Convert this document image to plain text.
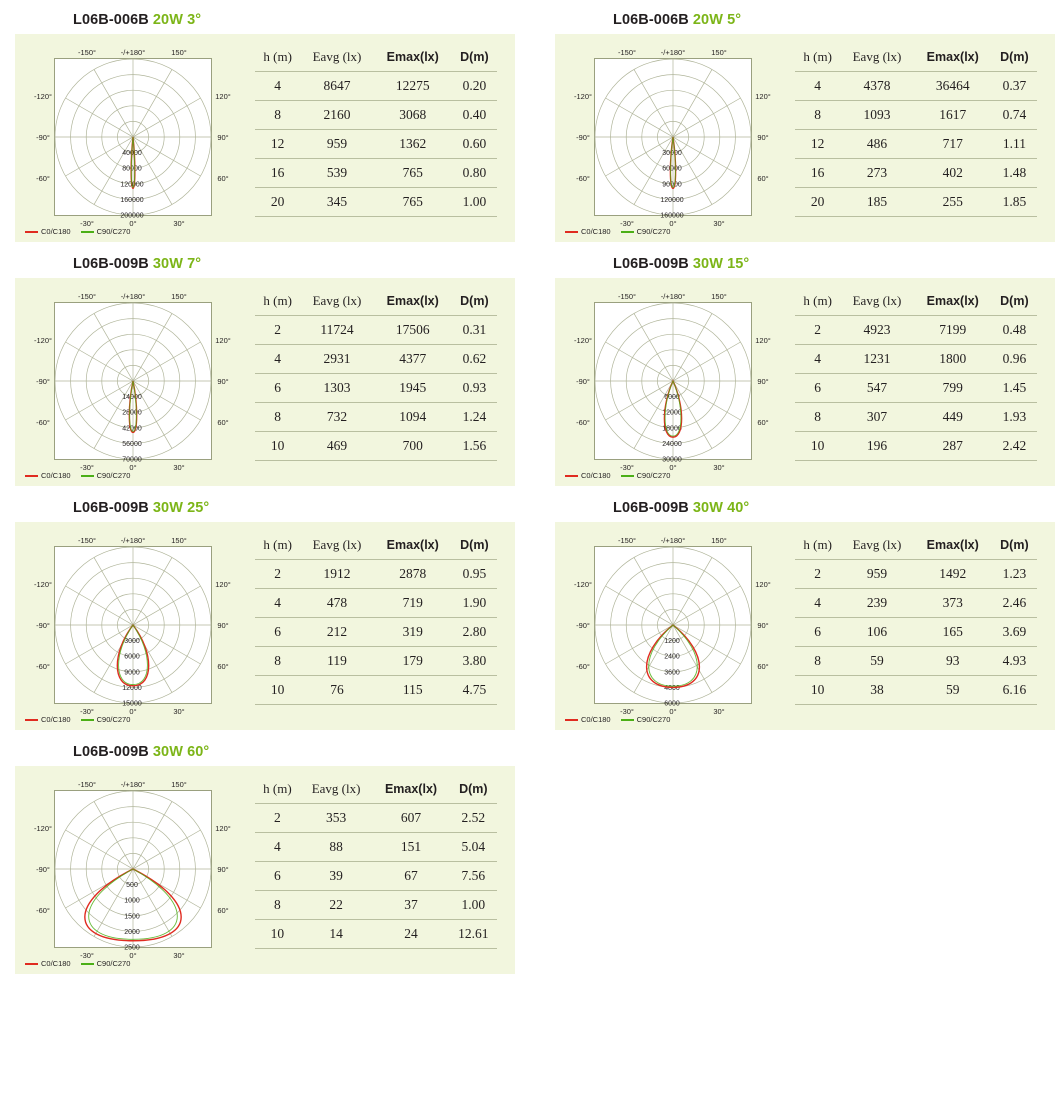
L06B-006B 20W 3°
40000
80000
120000
160000
200000
-150°	-/+180°	150°
-120°	120°
-90°	90°
-60°	60°
-30°	0°	30°
C0/C180	C90/C270
h (m)	Eavg (lx)	Emax(lx)	D(m)
4	8647	12275	0.20
8	2160	3068	0.40
12	959	1362	0.60
16	539	765	0.80
20	345	765	1.00
L06B-006B 20W 5°
30000
60000
90000
120000
160000
-150°	-/+180°	150°
-120°	120°
-90°	90°
-60°	60°
-30°	0°	30°
C0/C180	C90/C270
h (m)	Eavg (lx)	Emax(lx)	D(m)
4	4378	36464	0.37
8	1093	1617	0.74
12	486	717	1.11
16	273	402	1.48
20	185	255	1.85
L06B-009B 30W 7°
14000
28000
42000
56000
70000
-150°	-/+180°	150°
-120°	120°
-90°	90°
-60°	60°
-30°	0°	30°
C0/C180	C90/C270
h (m)	Eavg (lx)	Emax(lx)	D(m)
2	11724	17506	0.31
4	2931	4377	0.62
6	1303	1945	0.93
8	732	1094	1.24
10	469	700	1.56
L06B-009B 30W 15°
6000
12000
18000
24000
30000
-150°	-/+180°	150°
-120°	120°
-90°	90°
-60°	60°
-30°	0°	30°
C0/C180	C90/C270
h (m)	Eavg (lx)	Emax(lx)	D(m)
2	4923	7199	0.48
4	1231	1800	0.96
6	547	799	1.45
8	307	449	1.93
10	196	287	2.42
L06B-009B 30W 25°
3000
6000
9000
12000
15000
-150°	-/+180°	150°
-120°	120°
-90°	90°
-60°	60°
-30°	0°	30°
C0/C180	C90/C270
h (m)	Eavg (lx)	Emax(lx)	D(m)
2	1912	2878	0.95
4	478	719	1.90
6	212	319	2.80
8	119	179	3.80
10	76	115	4.75
L06B-009B 30W 40°
1200
2400
3600
4800
6000
-150°	-/+180°	150°
-120°	120°
-90°	90°
-60°	60°
-30°	0°	30°
C0/C180	C90/C270
h (m)	Eavg (lx)	Emax(lx)	D(m)
2	959	1492	1.23
4	239	373	2.46
6	106	165	3.69
8	59	93	4.93
10	38	59	6.16
L06B-009B 30W 60°
500
1000
1500
2000
2500
-150°	-/+180°	150°
-120°	120°
-90°	90°
-60°	60°
-30°	0°	30°
C0/C180	C90/C270
h (m)	Eavg (lx)	Emax(lx)	D(m)
2	353	607	2.52
4	88	151	5.04
6	39	67	7.56
8	22	37	1.00
10	14	24	12.61
